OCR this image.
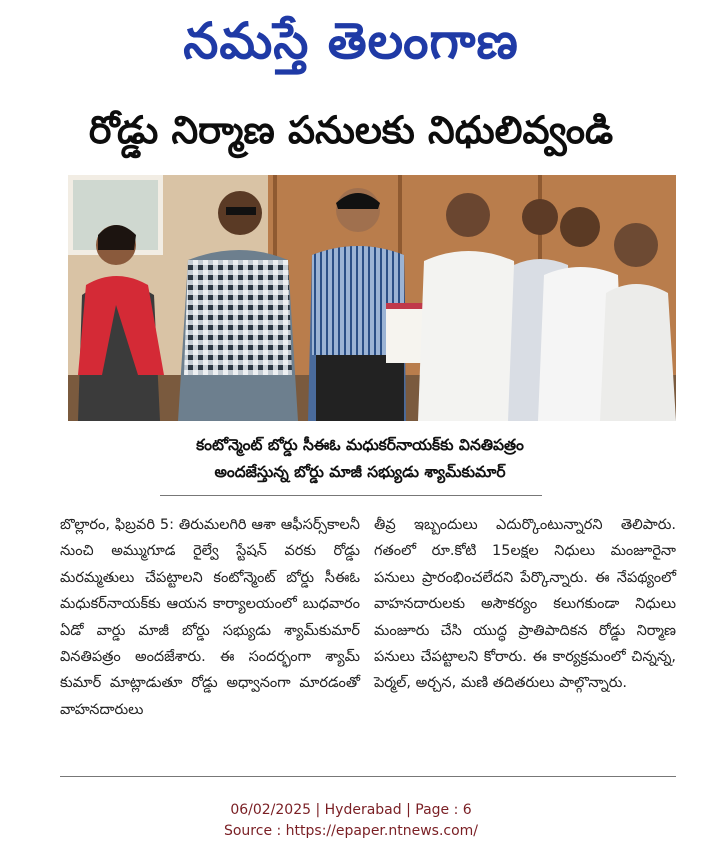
నమస్తే తెలంగాణ
రోడ్డు నిర్మాణ పనులకు నిధులివ్వండి
కంటోన్మెంట్ బోర్డు సీఈఓ మధుకర్‌నాయక్‌కు వినతిపత్రం
అందజేస్తున్న బోర్డు మాజీ సభ్యుడు శ్యామ్‌కుమార్

బొల్లారం, ఫిబ్రవరి 5: తిరుమలగిరి ఆశా ఆఫీసర్స్‌కాలనీ నుంచి అమ్ముగూడ రైల్వే స్టేషన్ వరకు రోడ్డు మరమ్మతులు చేపట్టాలని కంటోన్మెంట్ బోర్డు సీఈఓ మధుకర్‌నాయక్‌కు ఆయన కార్యాలయంలో బుధవారం ఏడో వార్డు మాజీ బోర్డు సభ్యుడు శ్యామ్‌కుమార్ వినతిపత్రం అందజేశారు. ఈ సందర్భంగా శ్యామ్ కుమార్ మాట్లాడుతూ రోడ్డు అధ్వానంగా మారడంతో వాహనదారులు

తీవ్ర ఇబ్బందులు ఎదుర్కొంటున్నారని తెలిపారు. గతంలో రూ.కోటి 15లక్షల నిధులు మంజూరైనా పనులు ప్రారంభించలేదని పేర్కొన్నారు. ఈ నేపథ్యంలో వాహనదారులకు అసౌకర్యం కలుగకుండా నిధులు మంజూరు చేసి యుద్ధ ప్రాతిపాదికన రోడ్డు నిర్మాణ పనులు చేపట్టాలని కోరారు. ఈ కార్యక్రమంలో చిన్నన్న, పెర్మల్, అర్చన, మణి తదితరులు పాల్గొన్నారు.

06/02/2025 | Hyderabad | Page : 6
Source : https://epaper.ntnews.com/
